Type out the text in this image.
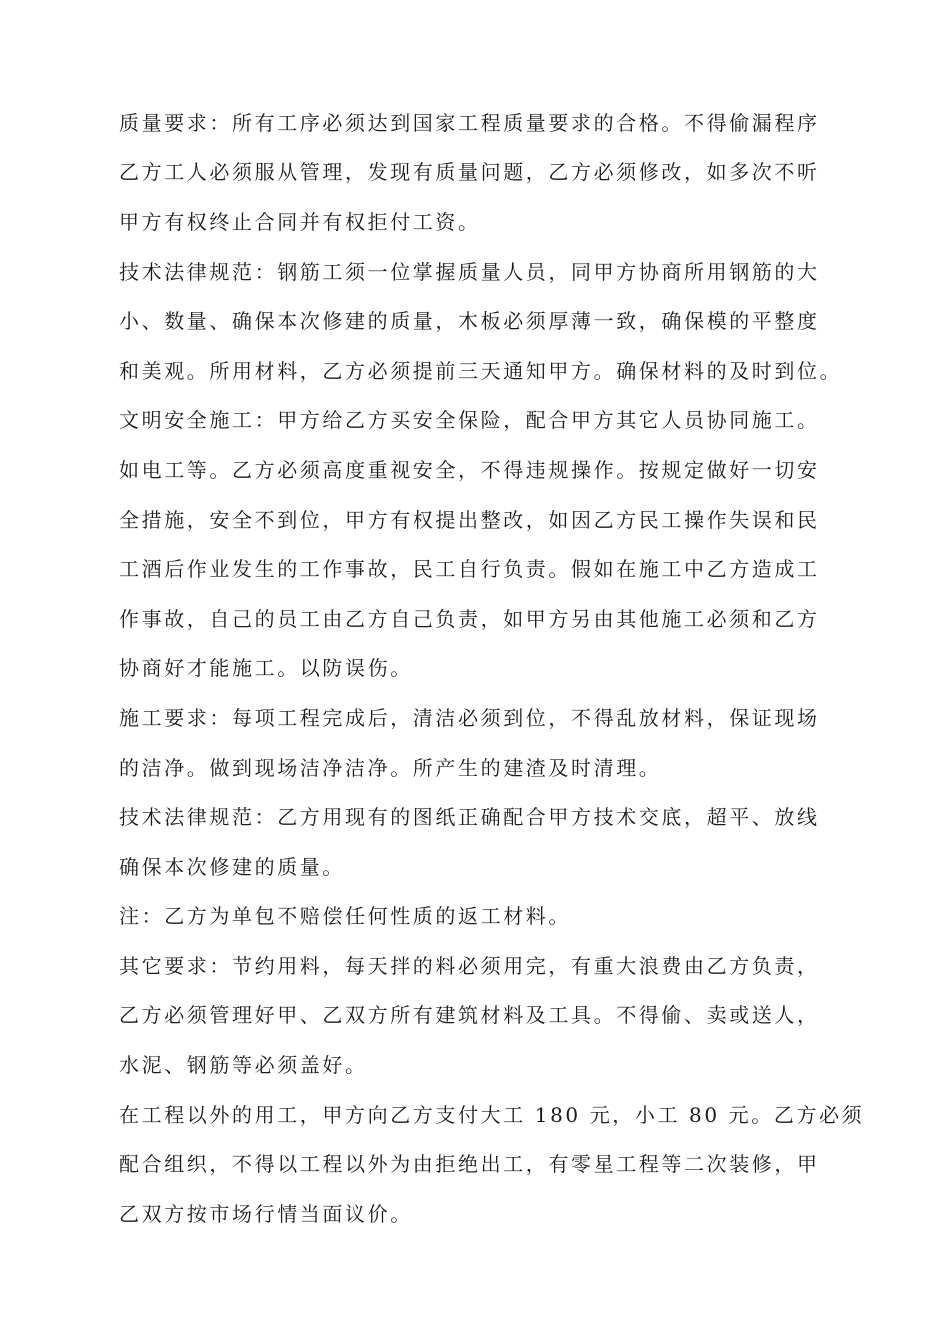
质量要求：所有工序必须达到国家工程质量要求的合格。不得偷漏程序
乙方工人必须服从管理，发现有质量问题，乙方必须修改，如多次不听
甲方有权终止合同并有权拒付工资。
技术法律规范：钢筋工须一位掌握质量人员，同甲方协商所用钢筋的大
小、数量、确保本次修建的质量，木板必须厚薄一致，确保模的平整度
和美观。所用材料，乙方必须提前三天通知甲方。确保材料的及时到位。
文明安全施工：甲方给乙方买安全保险，配合甲方其它人员协同施工。
如电工等。乙方必须高度重视安全，不得违规操作。按规定做好一切安
全措施，安全不到位，甲方有权提出整改，如因乙方民工操作失误和民
工酒后作业发生的工作事故，民工自行负责。假如在施工中乙方造成工
作事故，自己的员工由乙方自己负责，如甲方另由其他施工必须和乙方
协商好才能施工。以防误伤。
施工要求：每项工程完成后，清洁必须到位，不得乱放材料，保证现场
的洁净。做到现场洁净洁净。所产生的建渣及时清理。
技术法律规范：乙方用现有的图纸正确配合甲方技术交底，超平、放线
确保本次修建的质量。
注：乙方为单包不赔偿任何性质的返工材料。
其它要求：节约用料，每天拌的料必须用完，有重大浪费由乙方负责，
乙方必须管理好甲、乙双方所有建筑材料及工具。不得偷、卖或送人，
水泥、钢筋等必须盖好。
在工程以外的用工，甲方向乙方支付大工 180 元，小工 80 元。乙方必须
配合组织，不得以工程以外为由拒绝出工，有零星工程等二次装修，甲
乙双方按市场行情当面议价。
